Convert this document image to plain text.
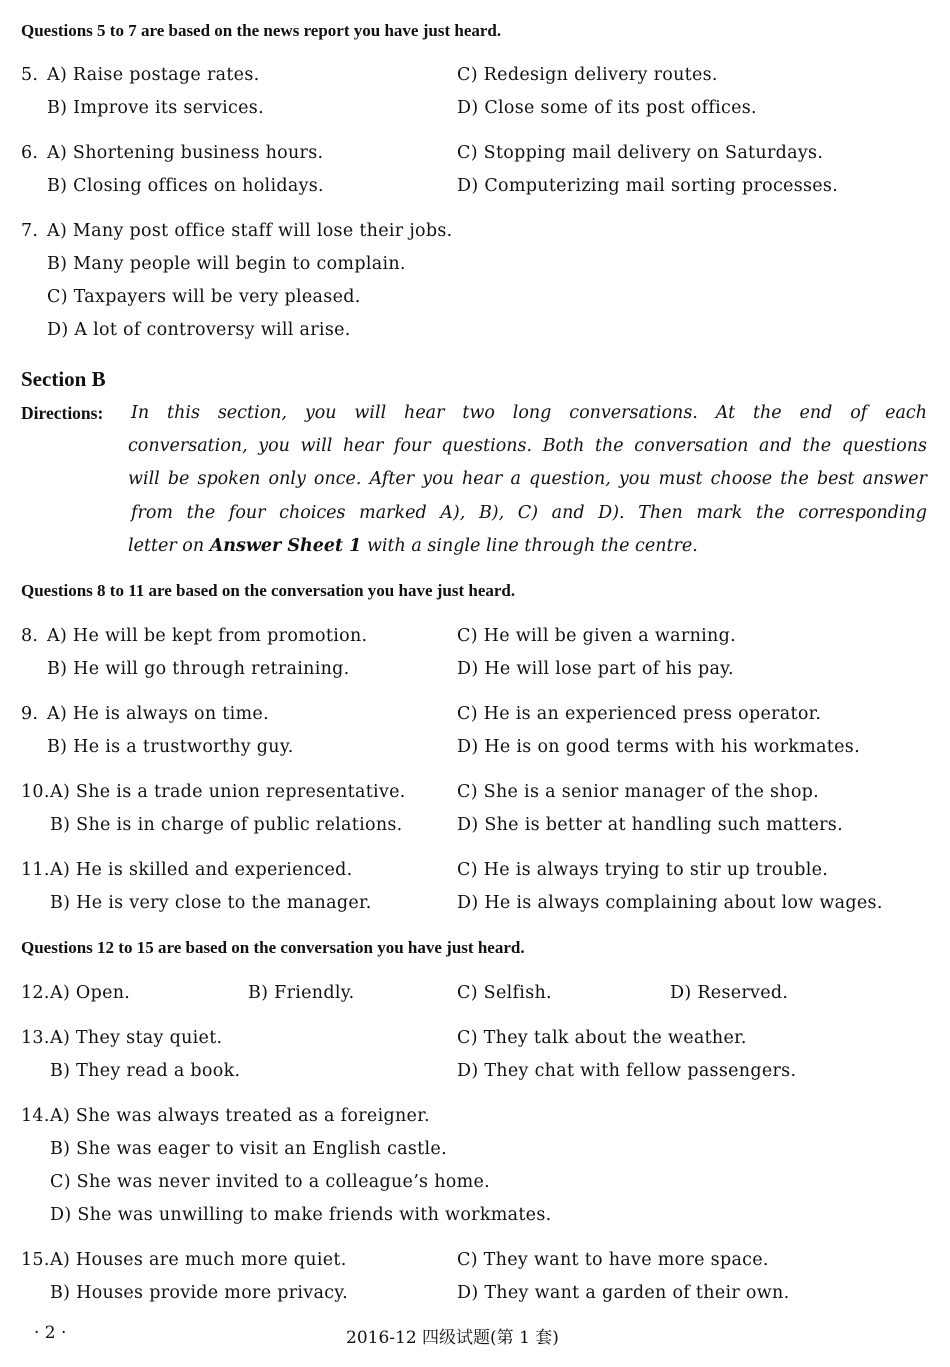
Questions 5 to 7 are based on the news report you have just heard.
5. A) Raise postage rates.	C) Redesign delivery routes.
B) Improve its services.	D) Close some of its post offices.
6. A) Shortening business hours.	C) Stopping mail delivery on Saturdays.
B) Closing offices on holidays.	D) Computerizing mail sorting processes.
7. A) Many post office staff will lose their jobs.
B) Many people will begin to complain.
C) Taxpayers will be very pleased.
D) A lot of controversy will arise.
Section B
Directions: In this section, you will hear two long conversations. At the end of each
conversation, you will hear four questions. Both the conversation and the questions
will be spoken only once. After you hear a question, you must choose the best answer
from the four choices marked A), B), C) and D). Then mark the corresponding
letter on Answer Sheet 1 with a single line through the centre.
Questions 8 to 11 are based on the conversation you have just heard.
8. A) He will be kept from promotion.	C) He will be given a warning.
B) He will go through retraining.	D) He will lose part of his pay.
9. A) He is always on time.	C) He is an experienced press operator.
B) He is a trustworthy guy.	D) He is on good terms with his workmates.
10. A) She is a trade union representative.	C) She is a senior manager of the shop.
B) She is in charge of public relations.	D) She is better at handling such matters.
11. A) He is skilled and experienced.	C) He is always trying to stir up trouble.
B) He is very close to the manager.	D) He is always complaining about low wages.
Questions 12 to 15 are based on the conversation you have just heard.
12. A) Open.	B) Friendly.	C) Selfish.	D) Reserved.
13. A) They stay quiet.	C) They talk about the weather.
B) They read a book.	D) They chat with fellow passengers.
14. A) She was always treated as a foreigner.
B) She was eager to visit an English castle.
C) She was never invited to a colleague’s home.
D) She was unwilling to make friends with workmates.
15. A) Houses are much more quiet.	C) They want to have more space.
B) Houses provide more privacy.	D) They want a garden of their own.
· 2 ·	2016-12 四级试题(第 1 套)
